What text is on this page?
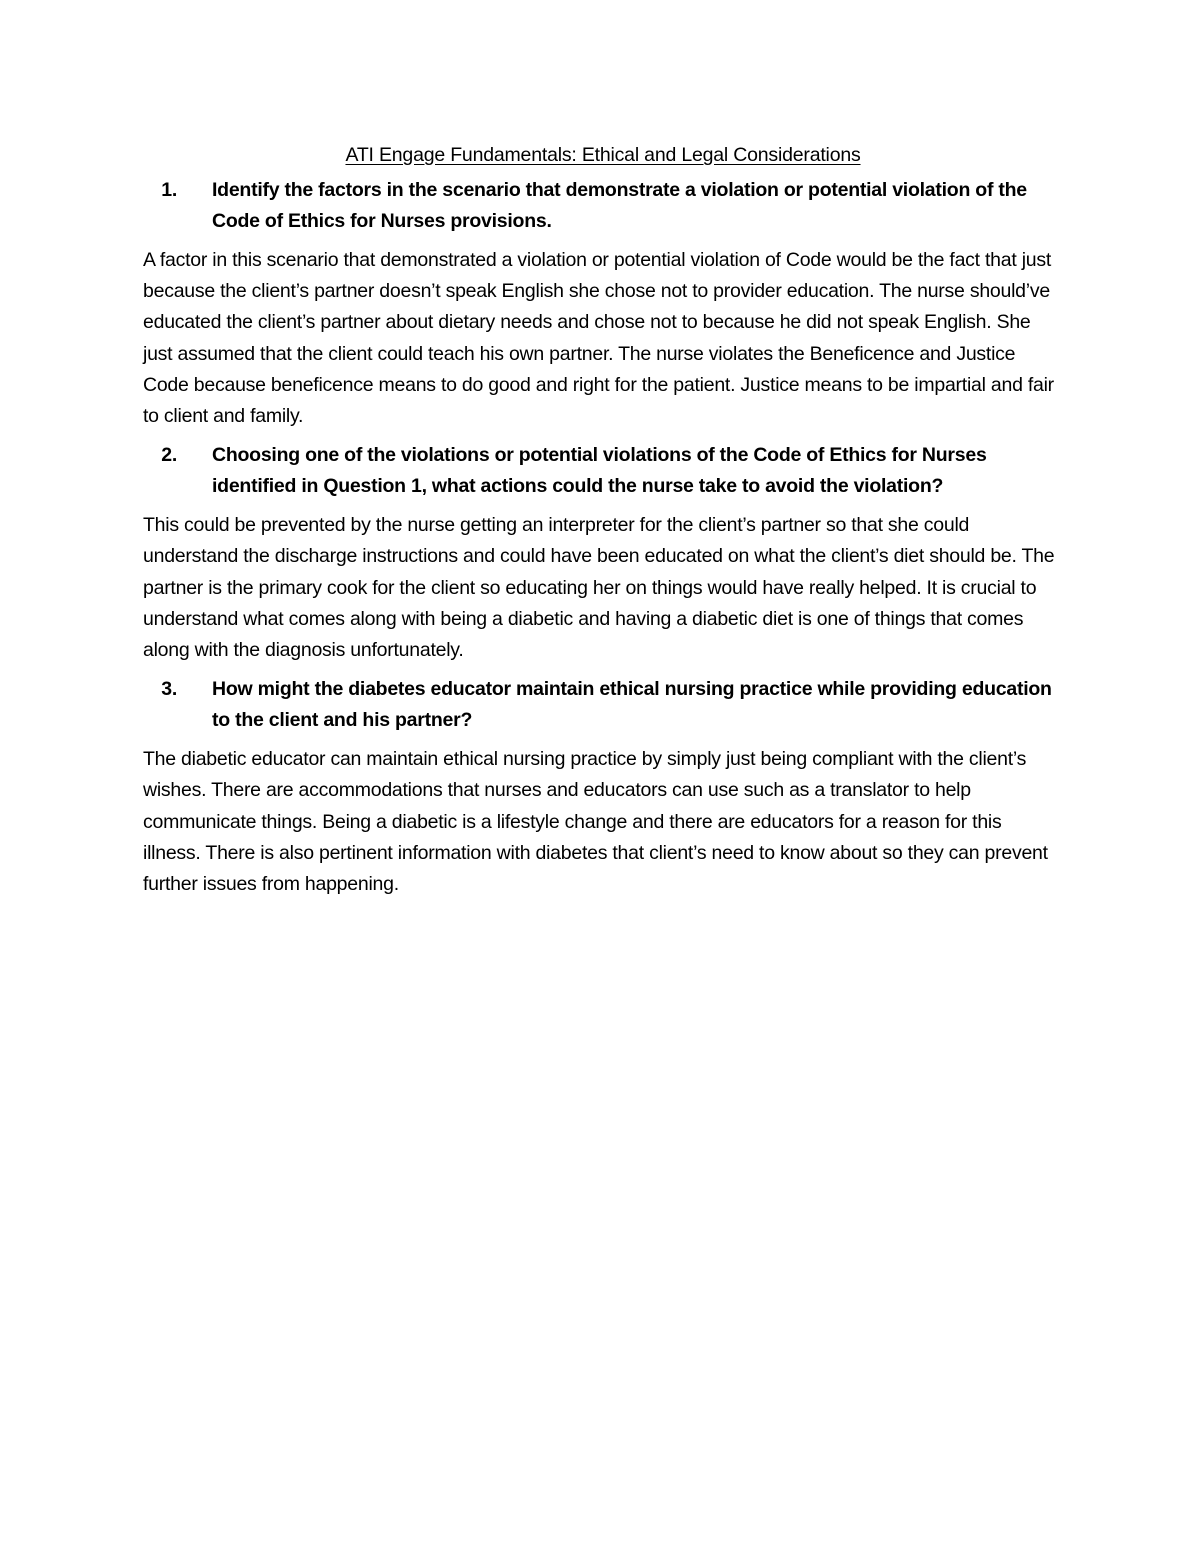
ATI Engage Fundamentals: Ethical and Legal Considerations
1.	Identify the factors in the scenario that demonstrate a violation or potential violation of the Code of Ethics for Nurses provisions.

A factor in this scenario that demonstrated a violation or potential violation of Code would be the fact that just because the client’s partner doesn’t speak English she chose not to provider education. The nurse should’ve educated the client’s partner about dietary needs and chose not to because he did not speak English. She just assumed that the client could teach his own partner. The nurse violates the Beneficence and Justice Code because beneficence means to do good and right for the patient. Justice means to be impartial and fair to client and family.

2.	Choosing one of the violations or potential violations of the Code of Ethics for Nurses identified in Question 1, what actions could the nurse take to avoid the violation?

This could be prevented by the nurse getting an interpreter for the client’s partner so that she could understand the discharge instructions and could have been educated on what the client’s diet should be. The partner is the primary cook for the client so educating her on things would have really helped. It is crucial to understand what comes along with being a diabetic and having a diabetic diet is one of things that comes along with the diagnosis unfortunately.

3.	How might the diabetes educator maintain ethical nursing practice while providing education to the client and his partner?

The diabetic educator can maintain ethical nursing practice by simply just being compliant with the client’s wishes. There are accommodations that nurses and educators can use such as a translator to help communicate things. Being a diabetic is a lifestyle change and there are educators for a reason for this illness. There is also pertinent information with diabetes that client’s need to know about so they can prevent further issues from happening.
